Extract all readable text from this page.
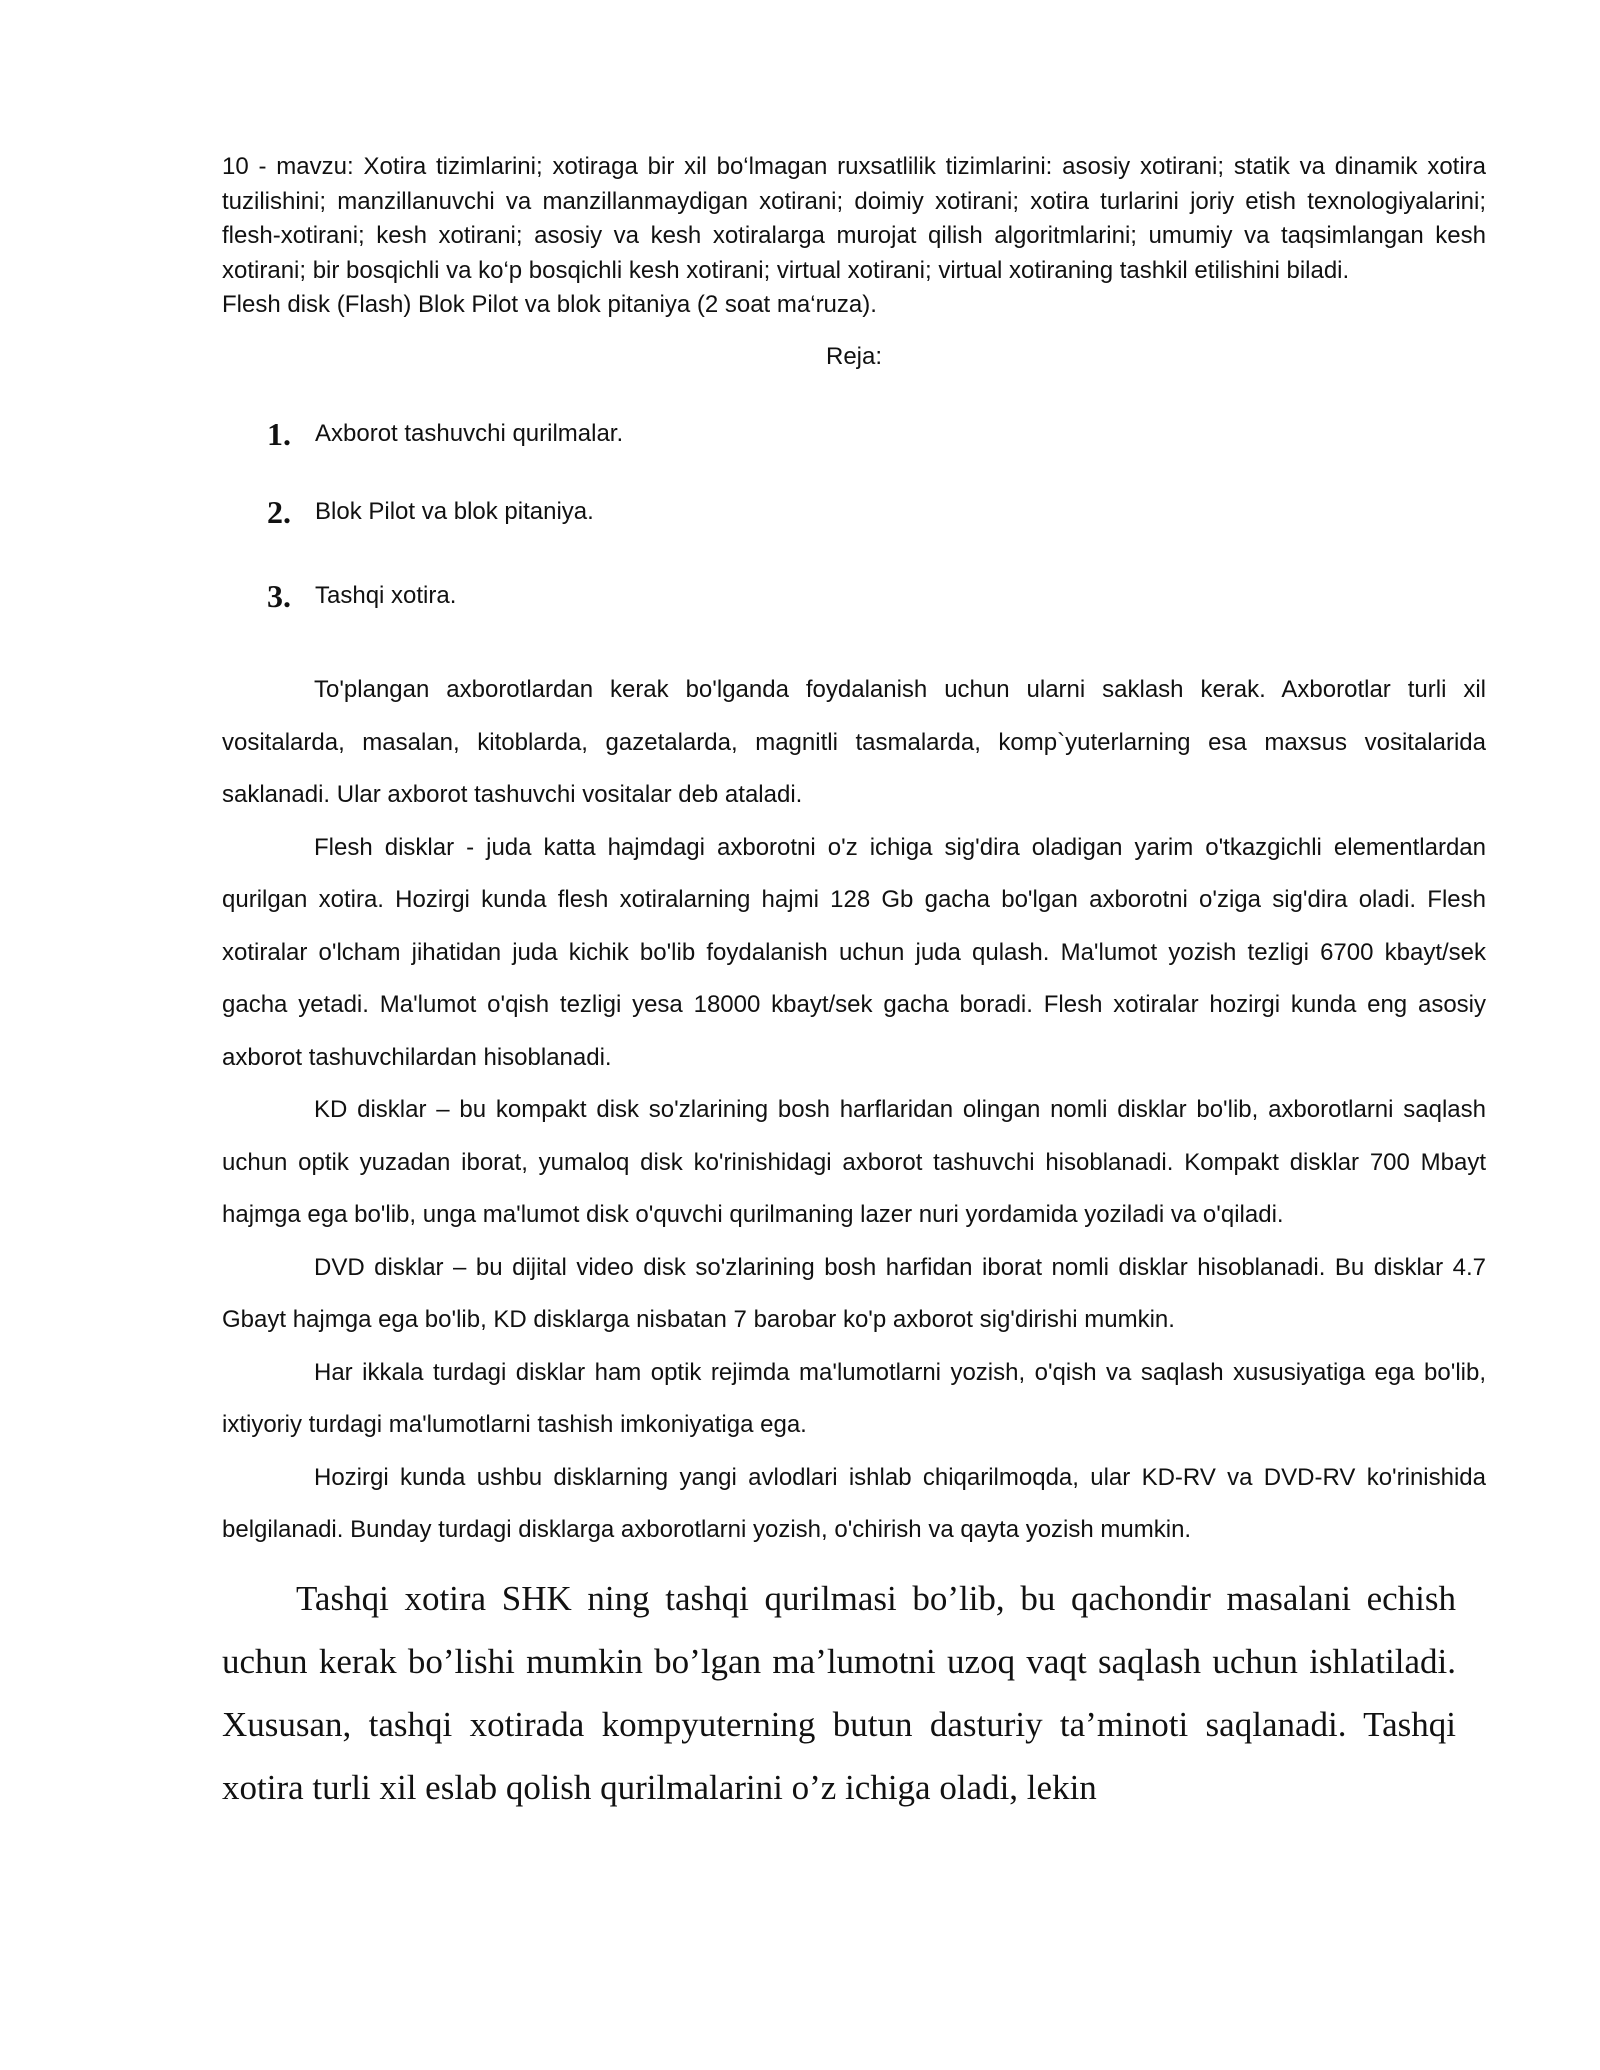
10 - mavzu: Xotira tizimlarini; xotiraga bir xil bo‘lmagan ruxsatlilik tizimlarini: asosiy xotirani; statik va dinamik xotira tuzilishini; manzillanuvchi va manzillanmaydigan xotirani; doimiy xotirani; xotira turlarini joriy etish texnologiyalarini; flesh-xotirani; kesh xotirani; asosiy va kesh xotiralarga murojat qilish algoritmlarini; umumiy va taqsimlangan kesh xotirani; bir bosqichli va ko‘p bosqichli kesh xotirani; virtual xotirani; virtual xotiraning tashkil etilishini biladi.

Flesh disk (Flash) Blok Pilot va blok pitaniya (2 soat ma‘ruza).

Reja:

1.	Axborot tashuvchi qurilmalar.
2.	Blok Pilot va blok pitaniya.
3.	Tashqi xotira.

To'plangan axborotlardan kerak bo'lganda foydalanish uchun ularni saklash kerak. Axborotlar turli xil vositalarda, masalan, kitoblarda, gazetalarda, magnitli tasmalarda, komp`yuterlarning esa maxsus vositalarida saklanadi. Ular axborot tashuvchi vositalar deb ataladi.

Flesh disklar - juda katta hajmdagi axborotni o'z ichiga sig'dira oladigan yarim o'tkazgichli elementlardan qurilgan xotira. Hozirgi kunda flesh xotiralarning hajmi 128 Gb gacha bo'lgan axborotni o'ziga sig'dira oladi. Flesh xotiralar o'lcham jihatidan juda kichik bo'lib foydalanish uchun juda qulash. Ma'lumot yozish tezligi 6700 kbayt/sek gacha yetadi. Ma'lumot o'qish tezligi yesa 18000 kbayt/sek gacha boradi. Flesh xotiralar hozirgi kunda eng asosiy axborot tashuvchilardan hisoblanadi.

KD disklar – bu kompakt disk so'zlarining bosh harflaridan olingan nomli disklar bo'lib, axborotlarni saqlash uchun optik yuzadan iborat, yumaloq disk ko'rinishidagi axborot tashuvchi hisoblanadi. Kompakt disklar 700 Mbayt hajmga ega bo'lib, unga ma'lumot disk o'quvchi qurilmaning lazer nuri yordamida yoziladi va o'qiladi.

DVD disklar – bu dijital video disk so'zlarining bosh harfidan iborat nomli disklar hisoblanadi. Bu disklar 4.7 Gbayt hajmga ega bo'lib, KD disklarga nisbatan 7 barobar ko'p axborot sig'dirishi mumkin.

Har ikkala turdagi disklar ham optik rejimda ma'lumotlarni yozish, o'qish va saqlash xususiyatiga ega bo'lib, ixtiyoriy turdagi ma'lumotlarni tashish imkoniyatiga ega.

Hozirgi kunda ushbu disklarning yangi avlodlari ishlab chiqarilmoqda, ular KD-RV va DVD-RV ko'rinishida belgilanadi. Bunday turdagi disklarga axborotlarni yozish, o'chirish va qayta yozish mumkin.

Tashqi xotira SHK ning tashqi qurilmasi bo’lib, bu qachondir masalani echish uchun kerak bo’lishi mumkin bo’lgan ma’lumotni uzoq vaqt saqlash uchun ishlatiladi. Xususan, tashqi xotirada kompyuterning butun dasturiy ta’minoti saqlanadi. Tashqi xotira turli xil eslab qolish qurilmalarini o’z ichiga oladi, lekin
